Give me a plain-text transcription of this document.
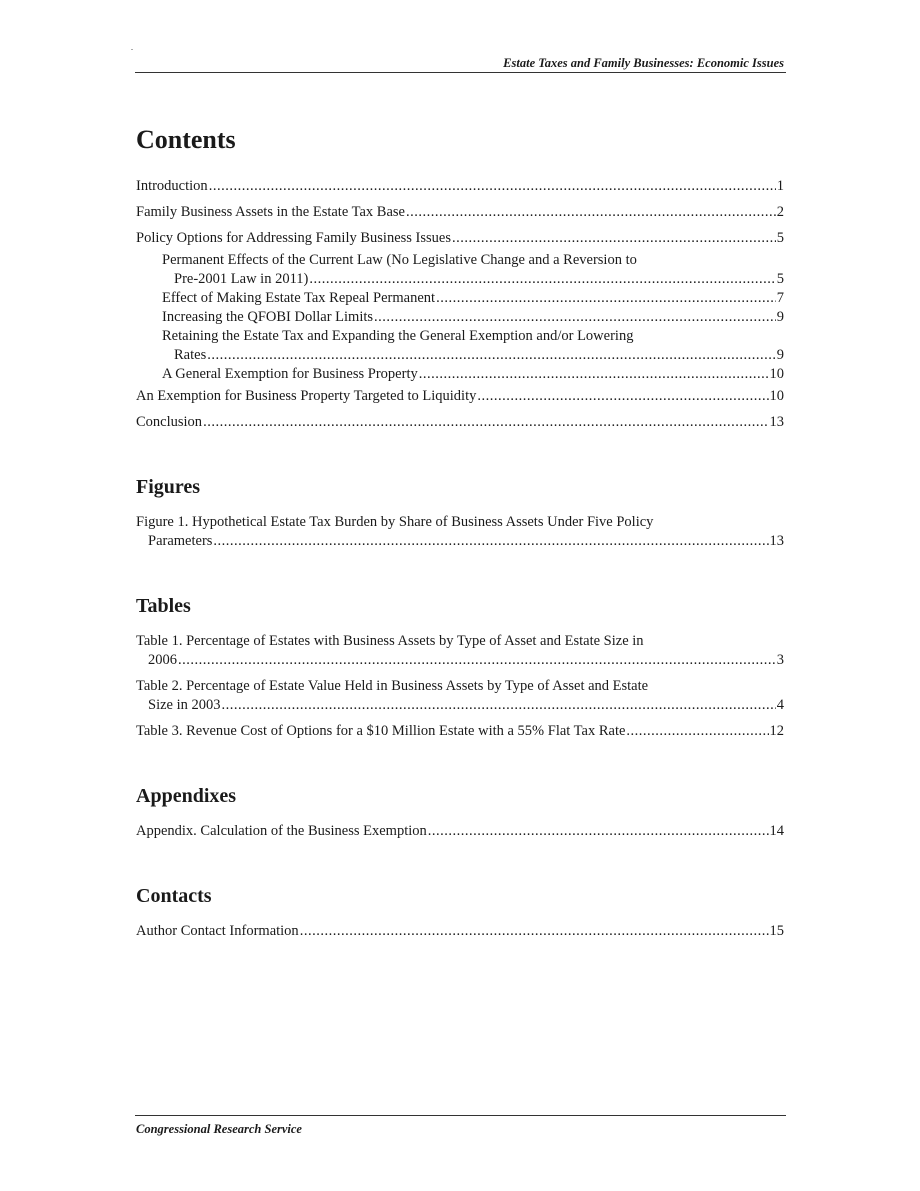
.
Estate Taxes and Family Businesses: Economic Issues
Contents
Introduction .....	1
Family Business Assets in the Estate Tax Base .....	2
Policy Options for Addressing Family Business Issues .....	5
Permanent Effects of the Current Law (No Legislative Change and a Reversion to
Pre-2001 Law in 2011) .....	5
Effect of Making Estate Tax Repeal Permanent .....	7
Increasing the QFOBI Dollar Limits .....	9
Retaining the Estate Tax and Expanding the General Exemption and/or Lowering
Rates .....	9
A General Exemption for Business Property .....	10
An Exemption for Business Property Targeted to Liquidity .....	10
Conclusion .....	13
Figures
Figure 1. Hypothetical Estate Tax Burden by Share of Business Assets Under Five Policy
Parameters .....	13
Tables
Table 1. Percentage of Estates with Business Assets by Type of Asset and Estate Size in
2006 .....	3
Table 2. Percentage of Estate Value Held in Business Assets by Type of Asset and Estate
Size in 2003 .....	4
Table 3. Revenue Cost of Options for a $10 Million Estate with a 55% Flat Tax Rate .....	12
Appendixes
Appendix. Calculation of the Business Exemption .....	14
Contacts
Author Contact Information .....	15
Congressional Research Service
